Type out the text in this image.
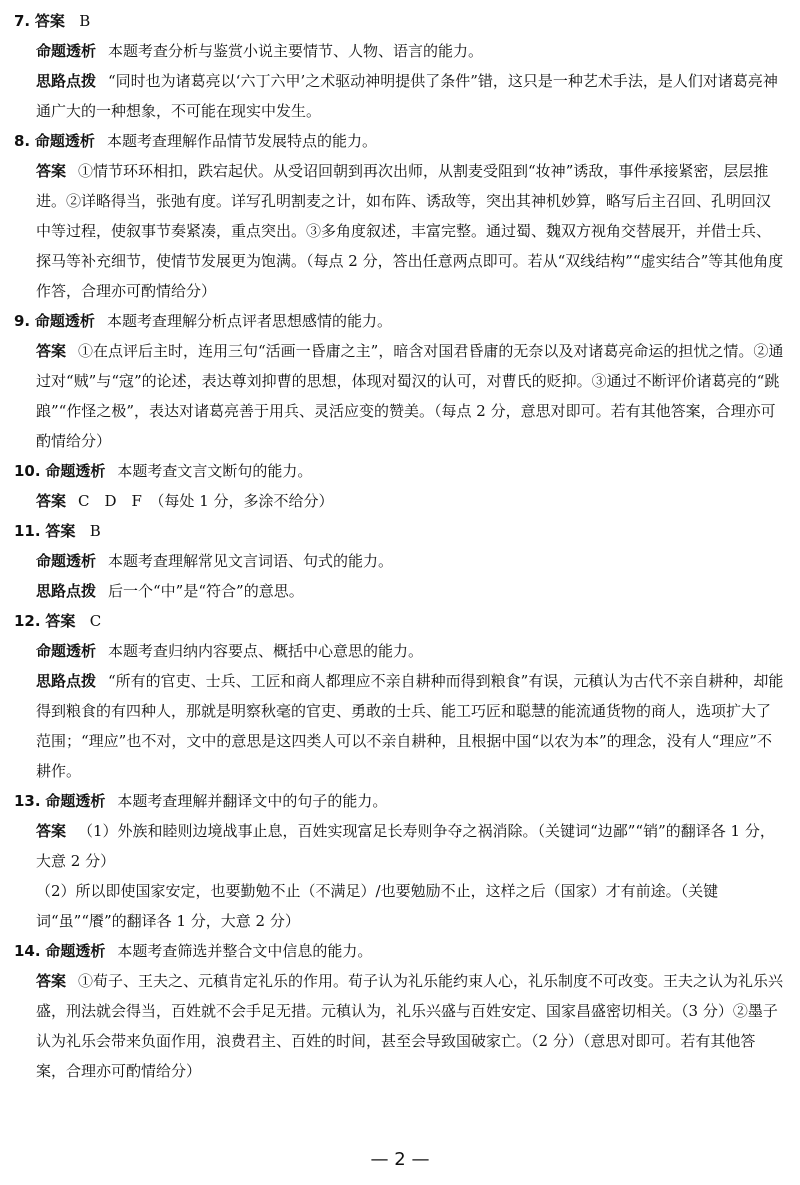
7. 答案 B

命题透析 本题考查分析与鉴赏小说主要情节、人物、语言的能力。

思路点拨 “同时也为诸葛亮以‘六丁六甲’之术驱动神明提供了条件”错，这只是一种艺术手法，是人们对诸葛亮神通广大的一种想象，不可能在现实中发生。

8. 命题透析 本题考查理解作品情节发展特点的能力。

答案 ①情节环环相扣，跌宕起伏。从受诏回朝到再次出师，从割麦受阻到“妆神”诱敌，事件承接紧密，层层推进。②详略得当，张弛有度。详写孔明割麦之计，如布阵、诱敌等，突出其神机妙算，略写后主召回、孔明回汉中等过程，使叙事节奏紧凑，重点突出。③多角度叙述，丰富完整。通过蜀、魏双方视角交替展开，并借士兵、探马等补充细节，使情节发展更为饱满。（每点 2 分，答出任意两点即可。若从“双线结构”“虚实结合”等其他角度作答，合理亦可酌情给分）

9. 命题透析 本题考查理解分析点评者思想感情的能力。

答案 ①在点评后主时，连用三句“活画一昏庸之主”，暗含对国君昏庸的无奈以及对诸葛亮命运的担忧之情。②通过对“贼”与“寇”的论述，表达尊刘抑曹的思想，体现对蜀汉的认可，对曹氏的贬抑。③通过不断评价诸葛亮的“跳踉”“作怪之极”，表达对诸葛亮善于用兵、灵活应变的赞美。（每点 2 分，意思对即可。若有其他答案，合理亦可酌情给分）

10. 命题透析 本题考查文言文断句的能力。

答案 C　D　F　（每处 1 分，多涂不给分）

11. 答案 B

命题透析 本题考查理解常见文言词语、句式的能力。

思路点拨 后一个“中”是“符合”的意思。

12. 答案 C

命题透析 本题考查归纳内容要点、概括中心意思的能力。

思路点拨 “所有的官吏、士兵、工匠和商人都理应不亲自耕种而得到粮食”有误，元稹认为古代不亲自耕种，却能得到粮食的有四种人，那就是明察秋毫的官吏、勇敢的士兵、能工巧匠和聪慧的能流通货物的商人，选项扩大了范围；“理应”也不对，文中的意思是这四类人可以不亲自耕种，且根据中国“以农为本”的理念，没有人“理应”不耕作。

13. 命题透析 本题考查理解并翻译文中的句子的能力。

答案 （1）外族和睦则边境战事止息，百姓实现富足长寿则争夺之祸消除。（关键词“边鄙”“销”的翻译各 1 分，大意 2 分）

（2）所以即使国家安定，也要勤勉不止（不满足）/也要勉励不止，这样之后（国家）才有前途。（关键词“虽”“餍”的翻译各 1 分，大意 2 分）

14. 命题透析 本题考查筛选并整合文中信息的能力。

答案 ①荀子、王夫之、元稹肯定礼乐的作用。荀子认为礼乐能约束人心，礼乐制度不可改变。王夫之认为礼乐兴盛，刑法就会得当，百姓就不会手足无措。元稹认为，礼乐兴盛与百姓安定、国家昌盛密切相关。（3 分）②墨子认为礼乐会带来负面作用，浪费君主、百姓的时间，甚至会导致国破家亡。（2 分）（意思对即可。若有其他答案，合理亦可酌情给分）

— 2 —
